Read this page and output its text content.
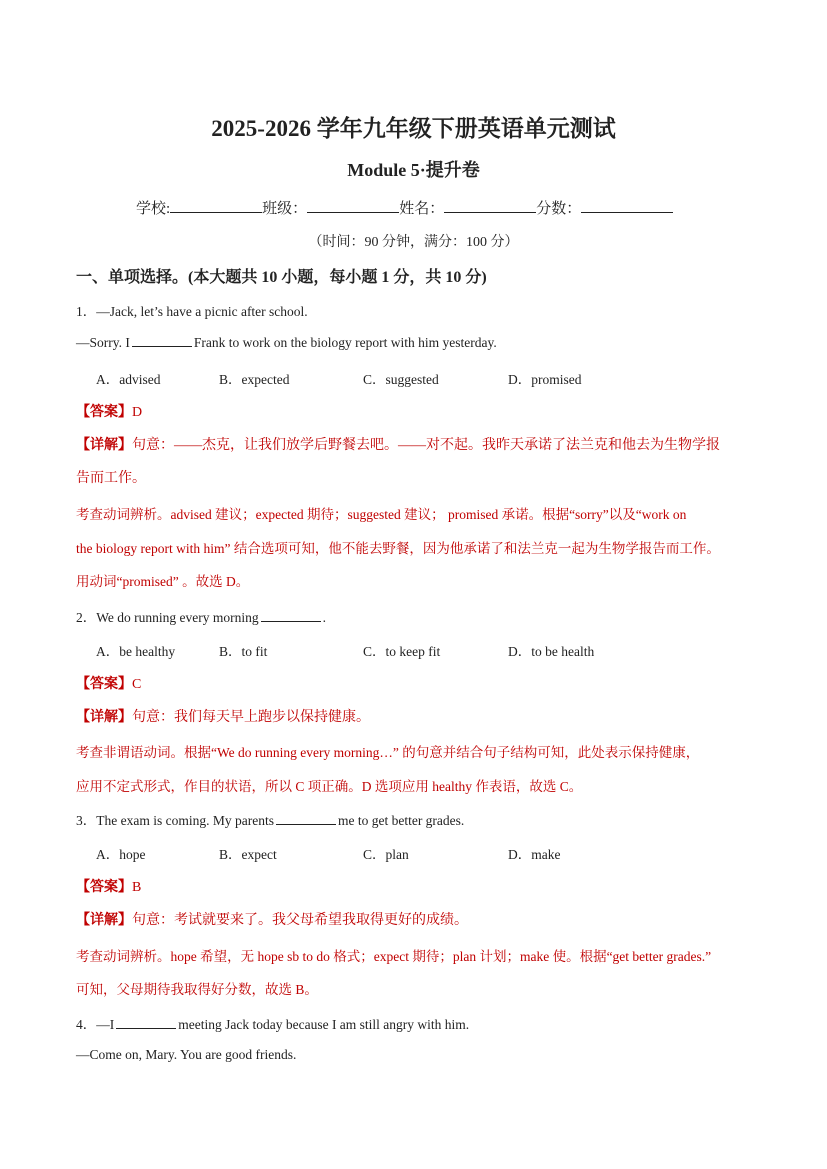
2025-2026 学年九年级下册英语单元测试
Module 5·提升卷
学校:	班级：	姓名：	分数：
（时间：90 分钟，满分：100 分）
一、单项选择。(本大题共 10 小题，每小题 1 分，共 10 分)
1．—Jack, let’s have a picnic after school.
—Sorry. I	Frank to work on the biology report with him yesterday.
A．advised	B．expected	C．suggested	D．promised
【答案】D
【详解】句意：——杰克，让我们放学后野餐去吧。——对不起。我昨天承诺了法兰克和他去为生物学报
告而工作。
考查动词辨析。advised 建议；expected 期待；suggested 建议； promised 承诺。根据“sorry”以及“work on
the biology report with him” 结合选项可知，他不能去野餐，因为他承诺了和法兰克一起为生物学报告而工作。
用动词“promised” 。故选 D。
2．We do running every morning	.
A．be healthy	B．to fit	C．to keep fit	D．to be health
【答案】C
【详解】句意：我们每天早上跑步以保持健康。
考查非谓语动词。根据“We do running every morning…” 的句意并结合句子结构可知，此处表示保持健康，
应用不定式形式，作目的状语，所以 C 项正确。D 选项应用 healthy 作表语，故选 C。
3．The exam is coming. My parents	me to get better grades.
A．hope	B．expect	C．plan	D．make
【答案】B
【详解】句意：考试就要来了。我父母希望我取得更好的成绩。
考查动词辨析。hope 希望，无 hope sb to do 格式；expect 期待；plan 计划；make 使。根据“get better grades.”
可知，父母期待我取得好分数，故选 B。
4．—I	meeting Jack today because I am still angry with him.
—Come on, Mary. You are good friends.
